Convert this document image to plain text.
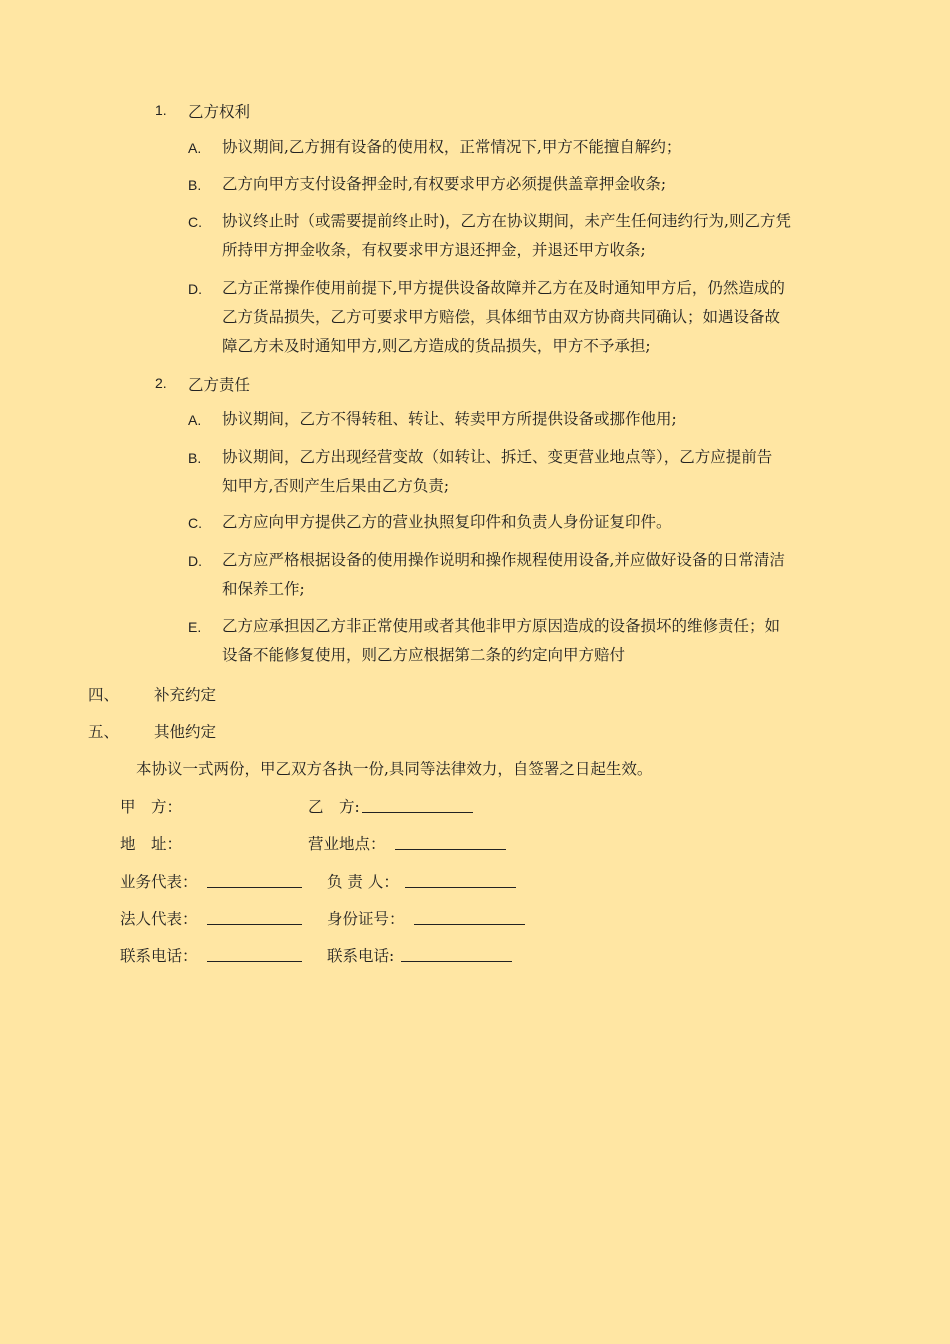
1. 乙方权利
A. 协议期间,乙方拥有设备的使用权，正常情况下,甲方不能擅自解约；
B. 乙方向甲方支付设备押金时,有权要求甲方必须提供盖章押金收条;
C. 协议终止时（或需要提前终止时)，乙方在协议期间，未产生任何违约行为,则乙方凭
所持甲方押金收条，有权要求甲方退还押金，并退还甲方收条;
D. 乙方正常操作使用前提下,甲方提供设备故障并乙方在及时通知甲方后，仍然造成的
乙方货品损失，乙方可要求甲方赔偿，具体细节由双方协商共同确认；如遇设备故
障乙方未及时通知甲方,则乙方造成的货品损失，甲方不予承担;
2. 乙方责任
A. 协议期间，乙方不得转租、转让、转卖甲方所提供设备或挪作他用;
B. 协议期间，乙方出现经营变故（如转让、拆迁、变更营业地点等），乙方应提前告
知甲方,否则产生后果由乙方负责;
C. 乙方应向甲方提供乙方的营业执照复印件和负责人身份证复印件。
D. 乙方应严格根据设备的使用操作说明和操作规程使用设备,并应做好设备的日常清洁
和保养工作;
E. 乙方应承担因乙方非正常使用或者其他非甲方原因造成的设备损坏的维修责任；如
设备不能修复使用，则乙方应根据第二条的约定向甲方赔付
四、 补充约定
五、 其他约定
本协议一式两份，甲乙双方各执一份,具同等法律效力，自签署之日起生效。
甲　方：	乙　方:
地　址：	营业地点：
业务代表：	负 责 人：
法人代表：	身份证号：
联系电话：	联系电话:
